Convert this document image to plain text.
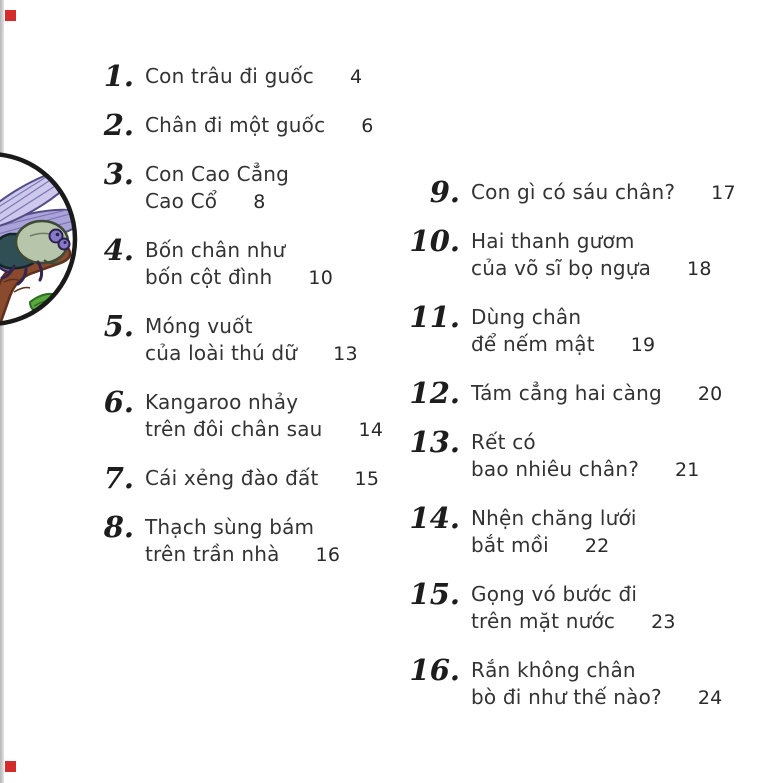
1. Con trâu đi guốc 4
2. Chân đi một guốc 6
3. Con Cao Cẳng
Cao Cổ 8
4. Bốn chân như
bốn cột đình 10
5. Móng vuốt
của loài thú dữ 13
6. Kangaroo nhảy
trên đôi chân sau 14
7. Cái xẻng đào đất 15
8. Thạch sùng bám
trên trần nhà 16
9. Con gì có sáu chân? 17
10. Hai thanh gươm
của võ sĩ bọ ngựa 18
11. Dùng chân
để nếm mật 19
12. Tám cẳng hai càng 20
13. Rết có
bao nhiêu chân? 21
14. Nhện chăng lưới
bắt mồi 22
15. Gọng vó bước đi
trên mặt nước 23
16. Rắn không chân
bò đi như thế nào? 24
